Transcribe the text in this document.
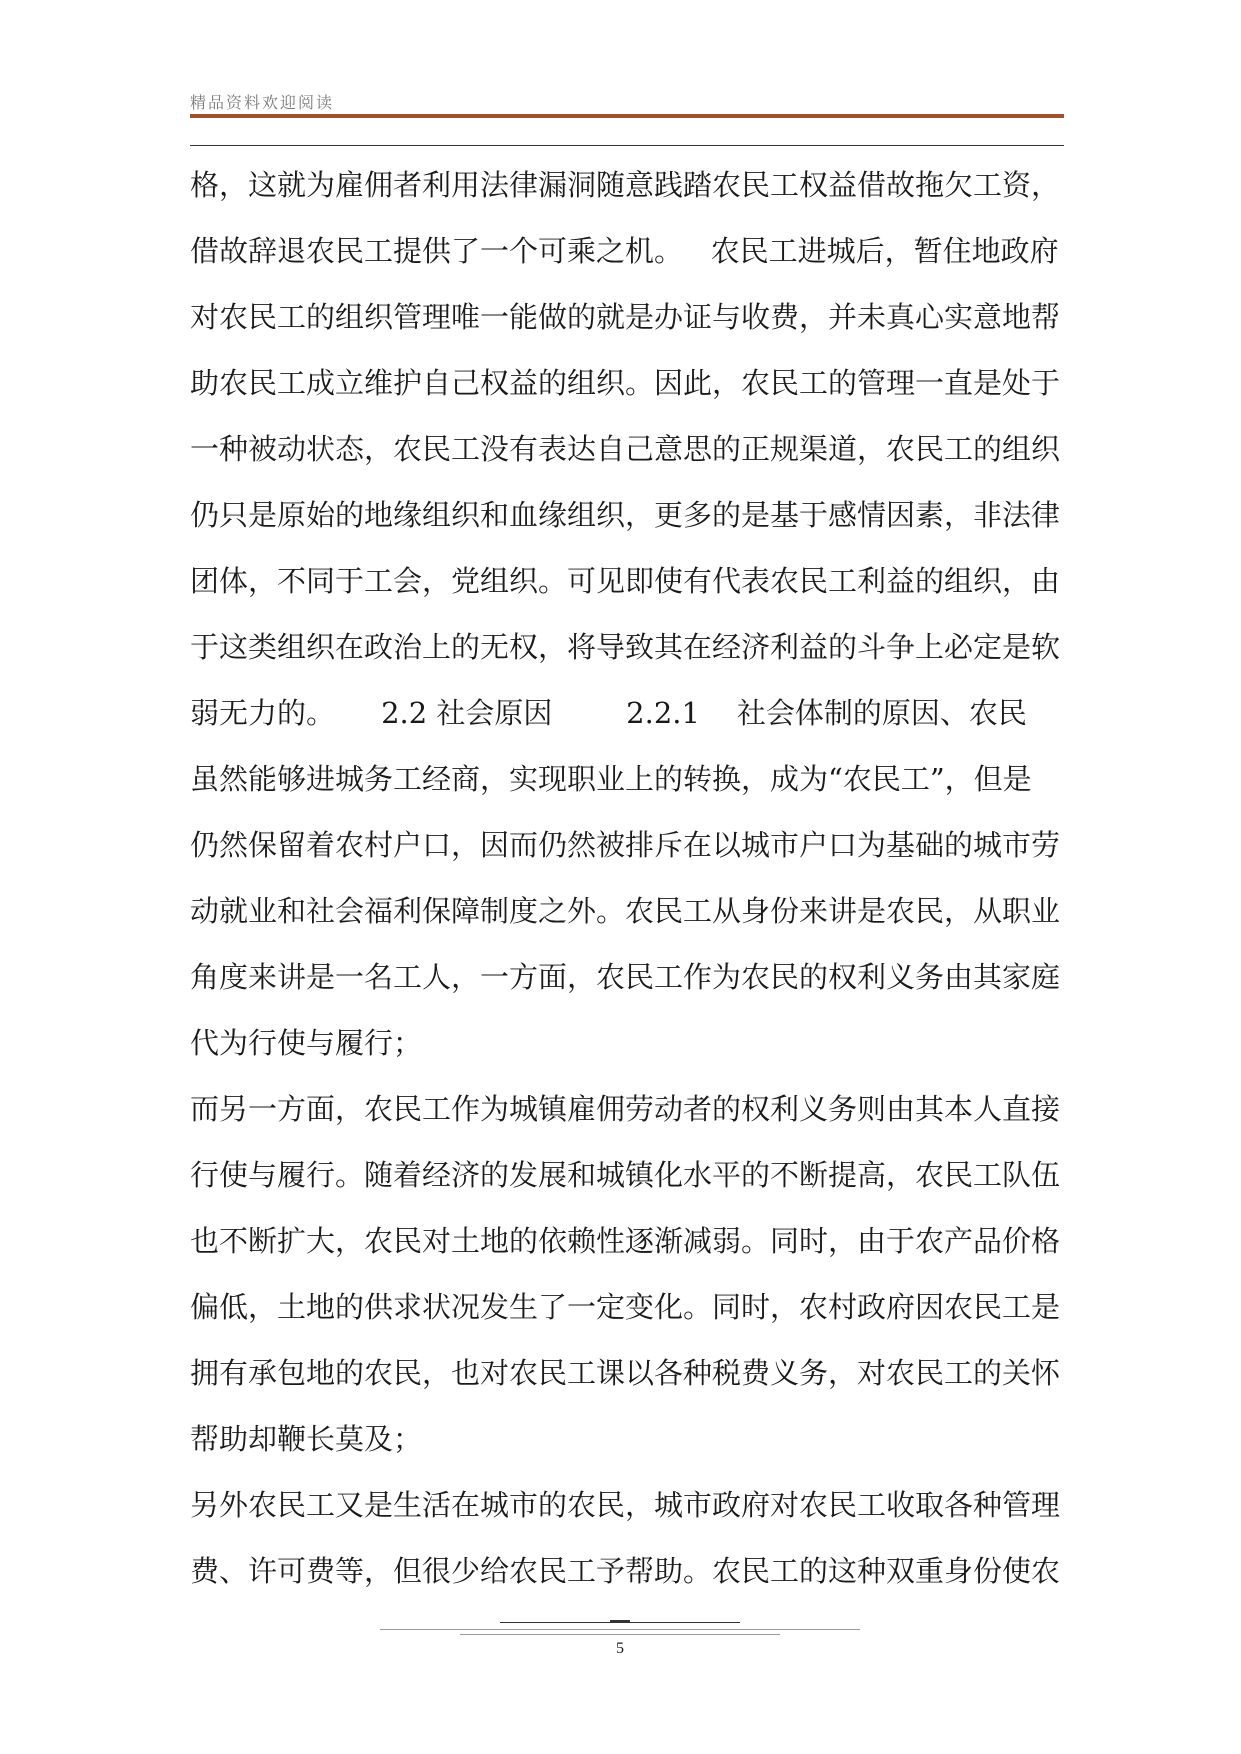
精品资料欢迎阅读
格，这就为雇佣者利用法律漏洞随意践踏农民工权益借故拖欠工资，
借故辞退农民工提供了一个可乘之机。   农民工进城后，暂住地政府
对农民工的组织管理唯一能做的就是办证与收费，并未真心实意地帮
助农民工成立维护自己权益的组织。因此，农民工的管理一直是处于
一种被动状态，农民工没有表达自己意思的正规渠道，农民工的组织
仍只是原始的地缘组织和血缘组织，更多的是基于感情因素，非法律
团体，不同于工会，党组织。可见即使有代表农民工利益的组织，由
于这类组织在政治上的无权，将导致其在经济利益的斗争上必定是软
弱无力的。     2.2 社会原因        2.2.1    社会体制的原因、农民
虽然能够进城务工经商，实现职业上的转换，成为“农民工”，但是
仍然保留着农村户口，因而仍然被排斥在以城市户口为基础的城市劳
动就业和社会福利保障制度之外。农民工从身份来讲是农民，从职业
角度来讲是一名工人，一方面，农民工作为农民的权利义务由其家庭
代为行使与履行；
而另一方面，农民工作为城镇雇佣劳动者的权利义务则由其本人直接
行使与履行。随着经济的发展和城镇化水平的不断提高，农民工队伍
也不断扩大，农民对土地的依赖性逐渐减弱。同时，由于农产品价格
偏低，土地的供求状况发生了一定变化。同时，农村政府因农民工是
拥有承包地的农民，也对农民工课以各种税费义务，对农民工的关怀
帮助却鞭长莫及；
另外农民工又是生活在城市的农民，城市政府对农民工收取各种管理
费、许可费等，但很少给农民工予帮助。农民工的这种双重身份使农
5
